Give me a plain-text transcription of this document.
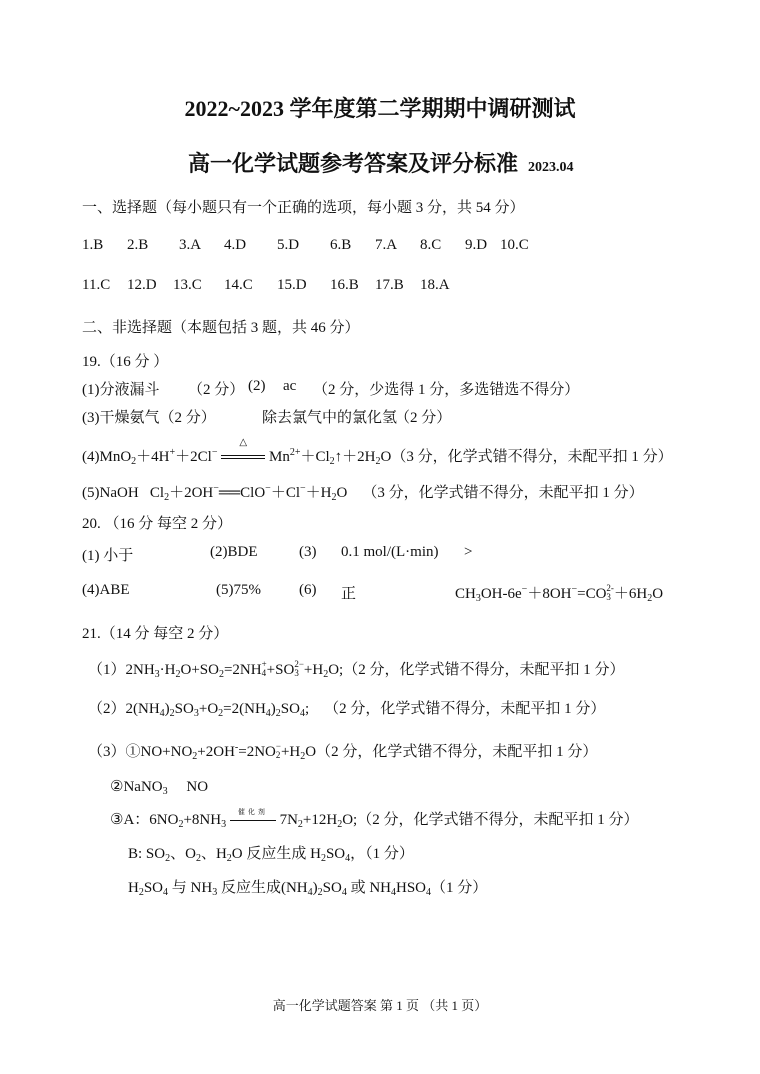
2022~2023 学年度第二学期期中调研测试
高一化学试题参考答案及评分标准 2023.04
一、选择题（每小题只有一个正确的选项，每小题 3 分，共 54 分）
1.B 2.B 3.A 4.D 5.D 6.B 7.A 8.C 9.D 10.C
11.C 12.D 13.C 14.C 15.D 16.B 17.B 18.A
二、非选择题（本题包括 3 题，共 46 分）
19.（16 分 ）
(1)分液漏斗 （2 分） (2) ac （2 分，少选得 1 分，多选错选不得分）
(3)干燥氨气（2 分）	除去氯气中的氯化氢
（2 分）
(4)MnO$_2$＋4H+＋2Cl−
△
$Mn^{2+}+Cl_2↑+2H_2O(3$ 分，化学式错不得分，未配平扣 1 分）
(5)NaOH $Cl_2+2OH^-══ClO^-+Cl^-+H_2O$ （3 分，化学式错不得分，未配平扣 1 分）
20. （16 分 每空 2 分）
(1) 小于	(2)BDE	(3) 0.1 mol/(L·min) >
(4)ABE	(5)75%	(6) 正	$CH_3OH-6e^-+8OH^-=CO$ 2-
$3 +6H_2O$
21.（14 分 每空 2 分）
$(1)2NH_3\cdot H_2O+SO_2=2NH$ +
4 +SO 2−
$3 +H_2O;(2$ 分，化学式错不得分，未配平扣 1 分）
$(2)2(NH_4)_2SO_3+O_2=2(NH_4)_2SO_4$; （2 分，化学式错不得分，未配平扣 1 分）
$(3)①NO+NO_2+2OH^-=2NO$ −
$2 +H_2O(2$ 分，化学式错不得分，未配平扣 1 分）
②NaNO$_3$ NO
③A：$6NO_2+8NH_3$
催化剂 $7N_2+12H_2O;(2$ 分，化学式错不得分，未配平扣 1 分）
B: $SO_2$、$O_2$、$H_2O$ 反应生成 $H_2SO_4$，（1 分）
$H_2SO_4$ 与 $NH_3$ 反应生成$(NH_4)_2SO_4$ 或 $NH_4HSO_4(1$ 分）
高一化学试题答案 第 1 页 （共 1 页）
